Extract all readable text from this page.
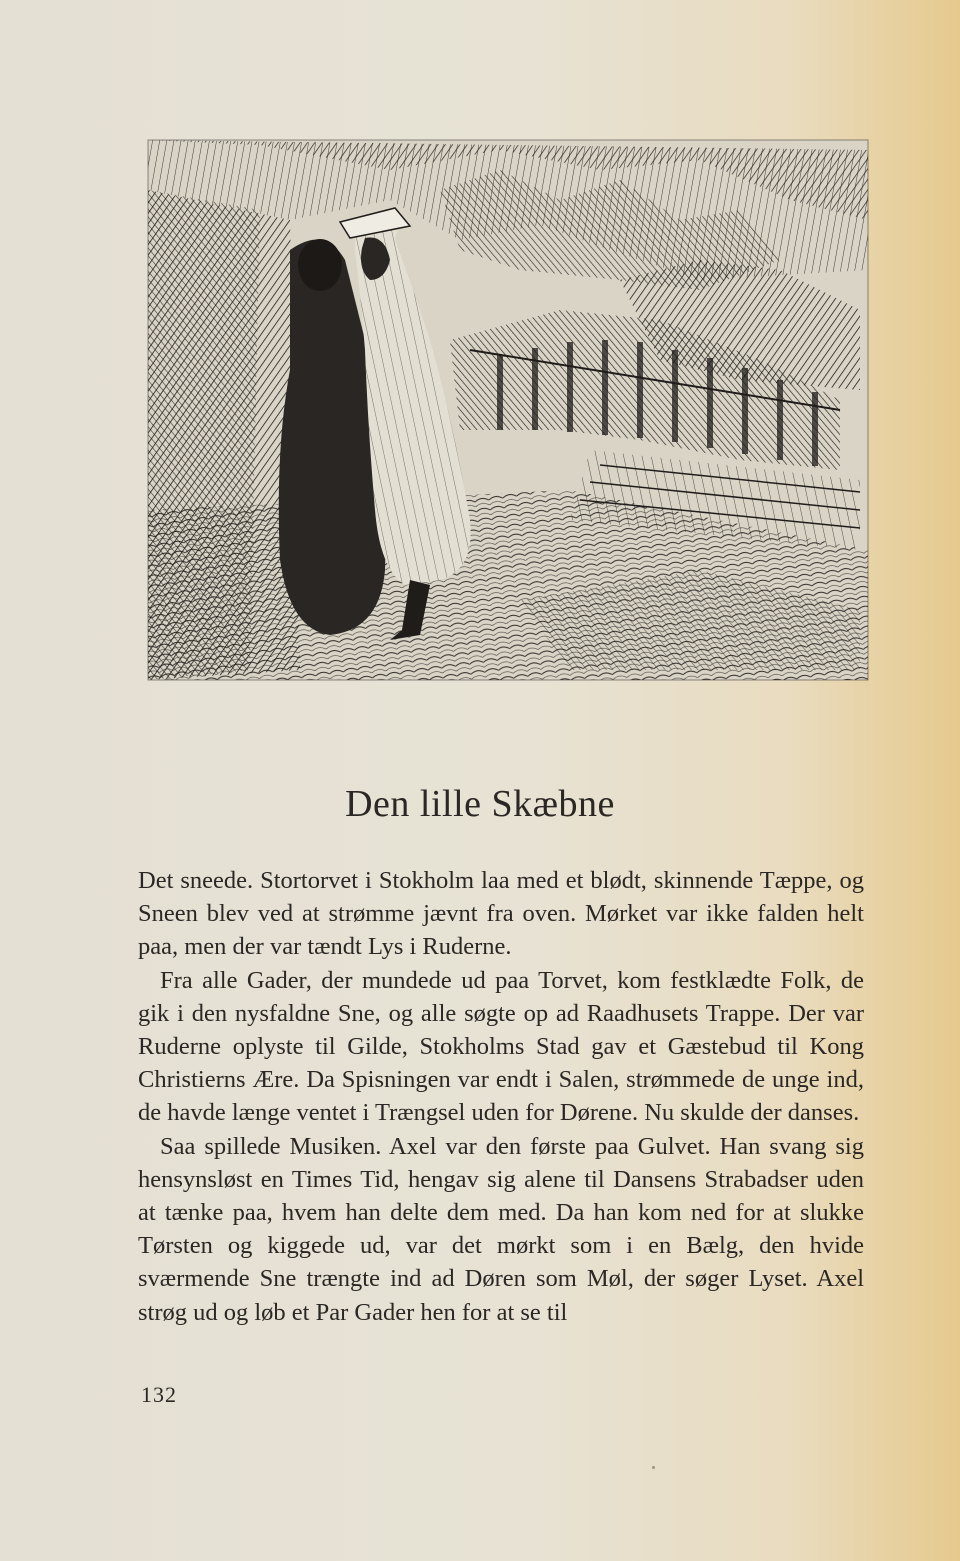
Den lille Skæbne

Det sneede. Stortorvet i Stokholm laa med et blødt, skinnende Tæppe, og Sneen blev ved at strømme jævnt fra oven. Mørket var ikke falden helt paa, men der var tændt Lys i Ruderne.

Fra alle Gader, der mundede ud paa Torvet, kom festklædte Folk, de gik i den nysfaldne Sne, og alle søgte op ad Raadhusets Trappe. Der var Ruderne oplyste til Gilde, Stokholms Stad gav et Gæstebud til Kong Christierns Ære. Da Spisningen var endt i Salen, strømmede de unge ind, de havde længe ventet i Trængsel uden for Dørene. Nu skulde der danses.

Saa spillede Musiken. Axel var den første paa Gulvet. Han svang sig hensynsløst en Times Tid, hengav sig alene til Dansens Strabadser uden at tænke paa, hvem han delte dem med. Da han kom ned for at slukke Tørsten og kiggede ud, var det mørkt som i en Bælg, den hvide sværmende Sne trængte ind ad Døren som Møl, der søger Lyset. Axel strøg ud og løb et Par Gader hen for at se til

132
